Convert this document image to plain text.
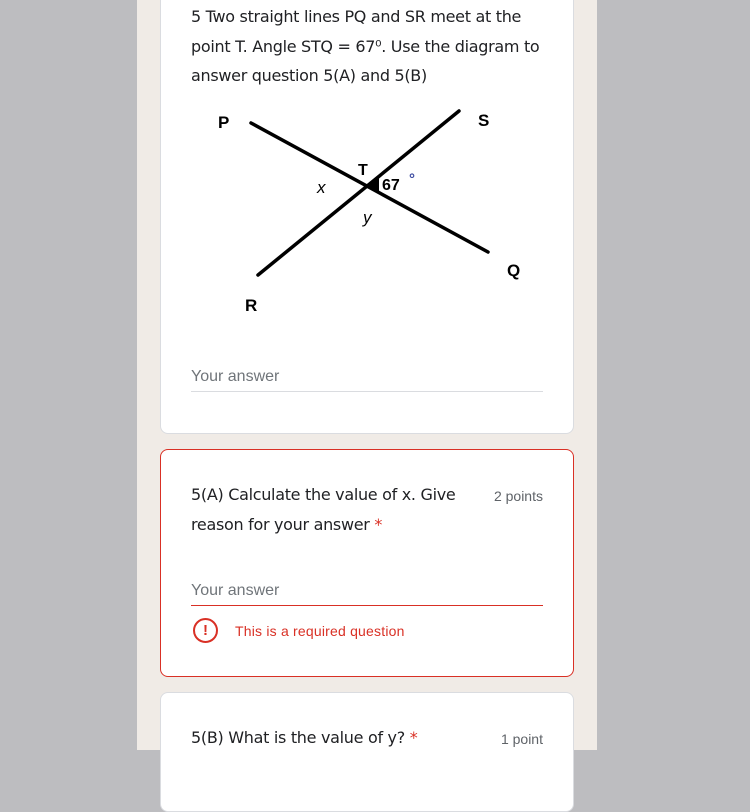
5 Two straight lines PQ and SR meet at the point T. Angle STQ = 67⁰. Use the diagram to answer question 5(A) and 5(B)
P	S
Q
R
T
x
y
67 °
Your answer
5(A) Calculate the value of x. Give reason for your answer *
2 points
Your answer
!	This is a required question
5(B) What is the value of y? *	1 point
